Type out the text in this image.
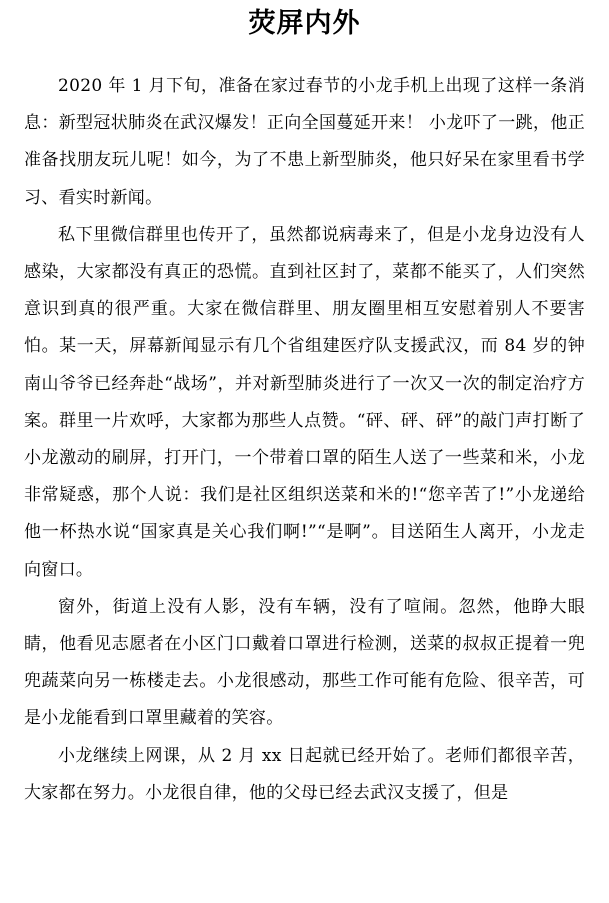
荧屏内外

2020 年 1 月下旬，准备在家过春节的小龙手机上出现了这样一条消息：新型冠状肺炎在武汉爆发！正向全国蔓延开来！ 小龙吓了一跳，他正准备找朋友玩儿呢！如今，为了不患上新型肺炎，他只好呆在家里看书学习、看实时新闻。

私下里微信群里也传开了，虽然都说病毒来了，但是小龙身边没有人感染，大家都没有真正的恐慌。直到社区封了，菜都不能买了，人们突然意识到真的很严重。大家在微信群里、朋友圈里相互安慰着别人不要害怕。某一天，屏幕新闻显示有几个省组建医疗队支援武汉，而 84 岁的钟南山爷爷已经奔赴“战场”，并对新型肺炎进行了一次又一次的制定治疗方案。群里一片欢呼，大家都为那些人点赞。“砰、砰、砰”的敲门声打断了小龙激动的刷屏，打开门，一个带着口罩的陌生人送了一些菜和米，小龙非常疑惑，那个人说：我们是社区组织送菜和米的!“您辛苦了!”小龙递给他一杯热水说“国家真是关心我们啊!”“是啊”。目送陌生人离开，小龙走向窗口。

窗外，街道上没有人影，没有车辆，没有了喧闹。忽然，他睁大眼睛，他看见志愿者在小区门口戴着口罩进行检测，送菜的叔叔正提着一兜兜蔬菜向另一栋楼走去。小龙很感动，那些工作可能有危险、很辛苦，可是小龙能看到口罩里藏着的笑容。

小龙继续上网课，从 2 月 xx 日起就已经开始了。老师们都很辛苦，大家都在努力。小龙很自律，他的父母已经去武汉支援了，但是
